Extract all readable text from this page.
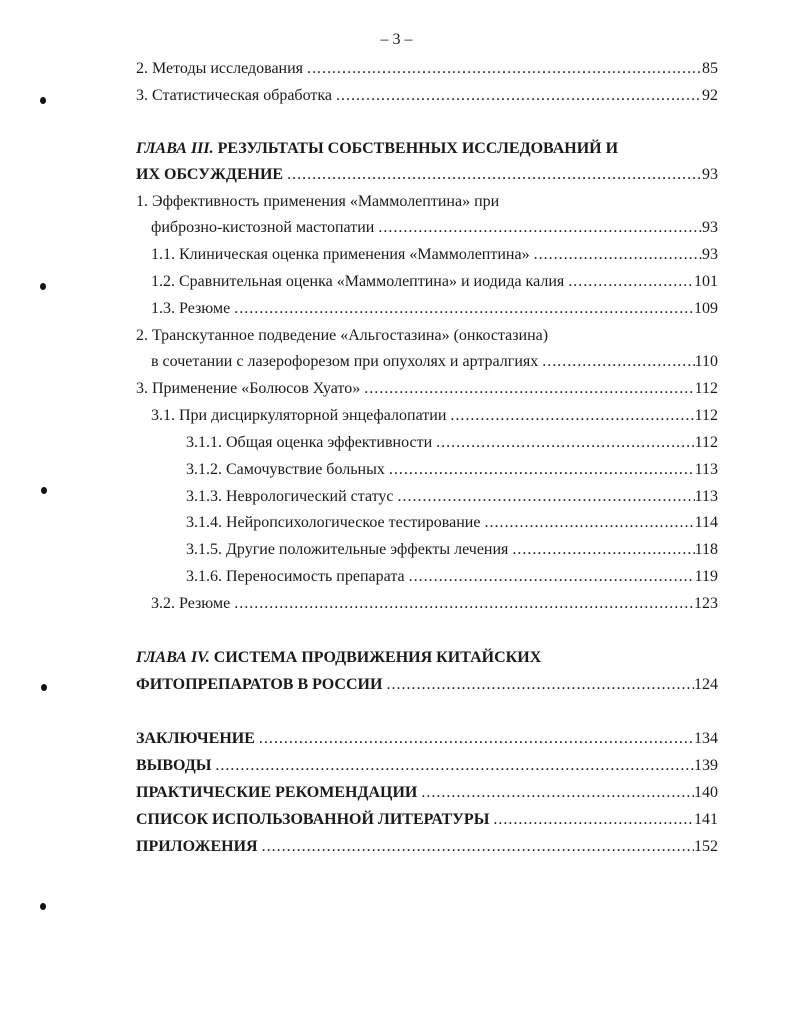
– 3 –
2. Методы исследования .....	85
3. Статистическая обработка .....	92
ГЛАВА III. РЕЗУЛЬТАТЫ СОБСТВЕННЫХ ИССЛЕДОВАНИЙ И
ИХ ОБСУЖДЕНИЕ .....	93
1. Эффективность применения «Маммолептина» при
фиброзно-кистозной мастопатии .....	93
1.1. Клиническая оценка применения «Маммолептина» .....	93
1.2. Сравнительная оценка «Маммолептина» и иодида калия .....	101
1.3. Резюме .....	109
2. Транскутанное подведение «Альгостазина» (онкостазина)
в сочетании с лазерофорезом при опухолях и артралгиях .....	110
3. Применение «Болюсов Хуато» .....	112
3.1. При дисциркуляторной энцефалопатии .....	112
3.1.1. Общая оценка эффективности .....	112
3.1.2. Самочувствие больных .....	113
3.1.3. Неврологический статус .....	113
3.1.4. Нейропсихологическое тестирование .....	114
3.1.5. Другие положительные эффекты лечения .....	118
3.1.6. Переносимость препарата .....	119
3.2. Резюме .....	123
ГЛАВА IV. СИСТЕМА ПРОДВИЖЕНИЯ КИТАЙСКИХ
ФИТОПРЕПАРАТОВ В РОССИИ .....	124
ЗАКЛЮЧЕНИЕ .....	134
ВЫВОДЫ .....	139
ПРАКТИЧЕСКИЕ РЕКОМЕНДАЦИИ .....	140
СПИСОК ИСПОЛЬЗОВАННОЙ ЛИТЕРАТУРЫ .....	141
ПРИЛОЖЕНИЯ .....	152
